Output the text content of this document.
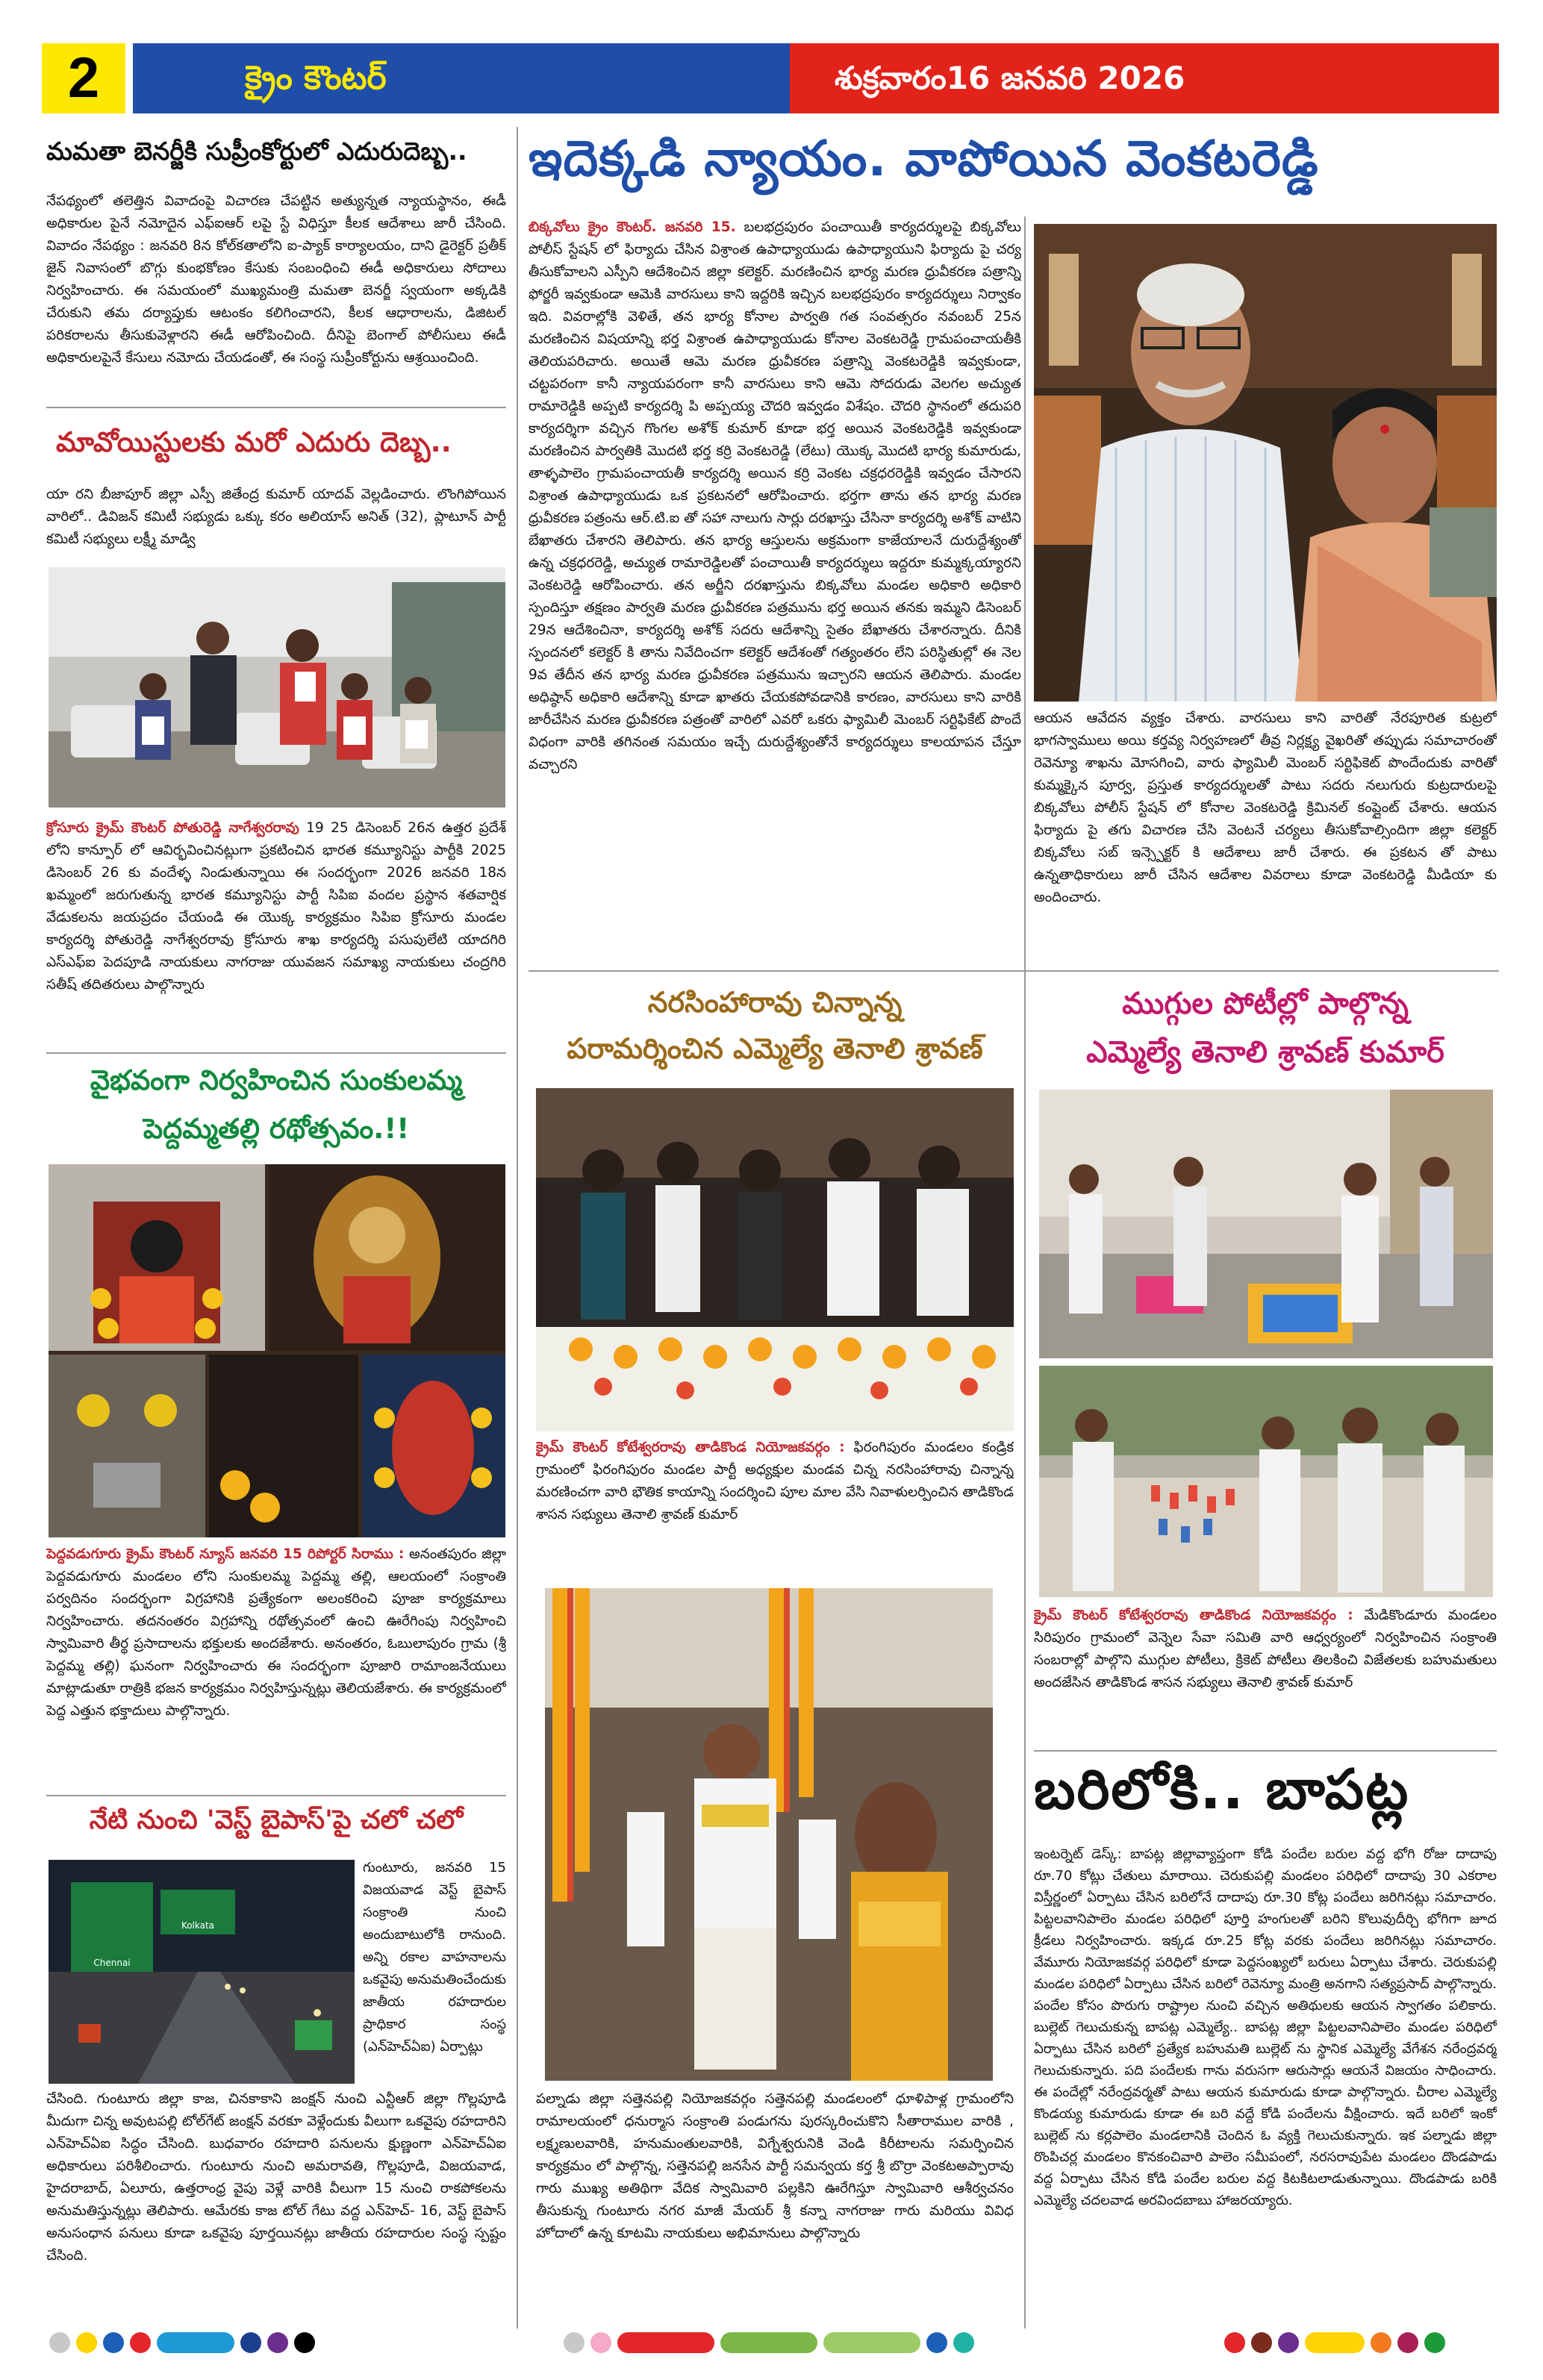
2	క్రైం కౌంటర్	శుక్రవారం16 జనవరి 2026
మమతా బెనర్జీకి సుప్రీంకోర్టులో ఎదురుదెబ్బ..
నేపథ్యంలో తలెత్తిన వివాదంపై విచారణ చేపట్టిన అత్యున్నత న్యాయస్థానం, ఈడీ అధికారుల పైనే నమోదైన ఎఫ్ఐఆర్ లపై స్టే విధిస్తూ కీలక ఆదేశాలు జారీ చేసింది. వివాదం నేపథ్యం : జనవరి 8న కోల్‌కతాలోని ఐ-ప్యాక్ కార్యాలయం, దాని డైరెక్టర్ ప్రతీక్ జైన్ నివాసంలో బొగ్గు కుంభకోణం కేసుకు సంబంధించి ఈడీ అధికారులు సోదాలు నిర్వహించారు. ఈ సమయంలో ముఖ్యమంత్రి మమతా బెనర్జీ స్వయంగా అక్కడికి చేరుకుని తమ దర్యాప్తుకు ఆటంకం కలిగించారని, కీలక ఆధారాలను, డిజిటల్ పరికరాలను తీసుకువెళ్లారని ఈడీ ఆరోపించింది. దీనిపై బెంగాల్ పోలీసులు ఈడీ అధికారులపైనే కేసులు నమోదు చేయడంతో, ఈ సంస్థ సుప్రీంకోర్టును ఆశ్రయించింది.
మావోయిస్టులకు మరో ఎదురు దెబ్బ..
యా రని బీజాపూర్ జిల్లా ఎస్పీ జితేంద్ర కుమార్ యాదవ్ వెల్లడించారు. లొంగిపోయిన వారిలో.. డివిజన్ కమిటీ సభ్యుడు ఒక్కు కరం అలియాస్ అనిత్ (32), ప్లాటూన్ పార్టీ కమిటీ సభ్యులు లక్ష్మీ మాడ్వి
క్రోసూరు క్రైమ్ కౌంటర్ పోతురెడ్డి నాగేశ్వరరావు 19 25 డిసెంబర్ 26న ఉత్తర ప్రదేశ్ లోని కాన్పూర్ లో ఆవిర్భవించినట్లుగా ప్రకటించిన భారత కమ్యూనిస్టు పార్టీకి 2025 డిసెంబర్ 26 కు వందేళ్ళ నిండుతున్నాయి ఈ సందర్భంగా 2026 జనవరి 18న ఖమ్మంలో జరుగుతున్న భారత కమ్యూనిస్టు పార్టీ సిపిఐ వందల ప్రస్థాన శతవార్షిక వేడుకలను జయప్రదం చేయండి ఈ యొక్క కార్యక్రమం సిపిఐ క్రోసూరు మండల కార్యదర్శి పోతురెడ్డి నాగేశ్వరరావు క్రోసూరు శాఖ కార్యదర్శి పసుపులేటి యాదగిరి ఎస్ఎఫ్ఐ పెదపూడి నాయకులు నాగరాజు యువజన సమాఖ్య నాయకులు చంద్రగిరి సతీష్ తదితరులు పాల్గొన్నారు
వైభవంగా నిర్వహించిన సుంకులమ్మ
పెద్దమ్మతల్లి రథోత్సవం.!!
పెద్దవడుగూరు క్రైమ్ కౌంటర్ న్యూస్ జనవరి 15 రిపోర్టర్ సిరాము : అనంతపురం జిల్లా పెద్దవడుగూరు మండలం లోని సుంకులమ్మ పెద్దమ్మ తల్లి, ఆలయంలో సంక్రాంతి పర్వదినం సందర్భంగా విగ్రహానికి ప్రత్యేకంగా అలంకరించి పూజా కార్యక్రమాలు నిర్వహించారు. తదనంతరం విగ్రహాన్ని రథోత్సవంలో ఉంచి ఊరేగింపు నిర్వహించి స్వామివారి తీర్థ ప్రసాదాలను భక్తులకు అందజేశారు. అనంతరం, ఓబులాపురం గ్రామ (శ్రీ పెద్దమ్మ తల్లి) ఘనంగా నిర్వహించారు ఈ సందర్భంగా పూజారి రామాంజనేయులు మాట్లాడుతూ రాత్రికి భజన కార్యక్రమం నిర్వహిస్తున్నట్లు తెలియజేశారు. ఈ కార్యక్రమంలో పెద్ద ఎత్తున భక్తాదులు పాల్గొన్నారు.
నేటి నుంచి 'వెస్ట్ బైపాస్'పై చలో చలో
Chennai
Kolkata
గుంటూరు, జనవరి 15 విజయవాడ వెస్ట్ బైపాస్ సంక్రాంతి నుంచి అందుబాటులోకి రానుంది. అన్ని రకాల వాహనాలను ఒకవైపు అనుమతించేందుకు జాతీయ రహదారుల ప్రాధికార సంస్థ (ఎన్‌హెచ్ఏఐ) ఏర్పాట్లు
చేసింది. గుంటూరు జిల్లా కాజ, చినకాకాని జంక్షన్ నుంచి ఎన్టీఆర్ జిల్లా గొల్లపూడి మీదుగా చిన్న అవుటపల్లి టోల్‌గేట్ జంక్షన్ వరకూ వెళ్లేందుకు వీలుగా ఒకవైపు రహదారిని ఎన్‌హెచ్ఏఐ సిద్ధం చేసింది. బుధవారం రహదారి పనులను క్షుణ్ణంగా ఎన్‌హెచ్ఏఐ అధికారులు పరిశీలించారు. గుంటూరు నుంచి అమరావతి, గొల్లపూడి, విజయవాడ, హైదరాబాద్, ఏలూరు, ఉత్తరాంధ్ర వైపు వెళ్లే వారికి వీలుగా 15 నుంచి రాకపోకలను అనుమతిస్తున్నట్లు తెలిపారు. ఆమేరకు కాజ టోల్ గేటు వద్ద ఎన్‌హెచ్- 16, వెస్ట్ బైపాస్ అనుసంధాన పనులు కూడా ఒకవైపు పూర్తయినట్లు జాతీయ రహదారుల సంస్థ స్పష్టం చేసింది.
ఇదెక్కడి న్యాయం. వాపోయిన వెంకటరెడ్డి
బిక్కవోలు క్రైం కౌంటర్. జనవరి 15. బలభద్రపురం పంచాయితీ కార్యదర్శులపై బిక్కవోలు పోలీస్ స్టేషన్ లో ఫిర్యాదు చేసిన విశ్రాంత ఉపాధ్యాయుడు ఉపాధ్యాయుని ఫిర్యాదు పై చర్య తీసుకోవాలని ఎస్పీని ఆదేశించిన జిల్లా కలెక్టర్. మరణించిన భార్య మరణ ధ్రువీకరణ పత్రాన్ని ఫోర్జరీ ఇవ్వకుండా ఆమెకి వారసులు కాని ఇద్దరికి ఇచ్చిన బలభద్రపురం కార్యదర్శులు నిర్వాకం ఇది. వివరాల్లోకి వెళితే, తన భార్య కోనాల పార్వతి గత సంవత్సరం నవంబర్ 25న మరణించిన విషయాన్ని భర్త విశ్రాంత ఉపాధ్యాయుడు కోనాల వెంకటరెడ్డి గ్రామపంచాయతీకి తెలియపరిచారు. అయితే ఆమె మరణ ధ్రువీకరణ పత్రాన్ని వెంకటరెడ్డికి ఇవ్వకుండా, చట్టపరంగా కానీ న్యాయపరంగా కానీ వారసులు కాని ఆమె సోదరుడు వెలగల అచ్యుత రామారెడ్డికి అప్పటి కార్యదర్శి పి అప్పయ్య చౌదరి ఇవ్వడం విశేషం. చౌదరి స్థానంలో తదుపరి కార్యదర్శిగా వచ్చిన గొంగల అశోక్ కుమార్ కూడా భర్త అయిన వెంకటరెడ్డికి ఇవ్వకుండా మరణించిన పార్వతికి మొదటి భర్త కర్రి వెంకటరెడ్డి (లేటు) యొక్క మొదటి భార్య కుమారుడు, తాళ్ళపాలెం గ్రామపంచాయతీ కార్యదర్శి అయిన కర్రి వెంకట చక్రధరరెడ్డికి ఇవ్వడం చేసారని విశ్రాంత ఉపాధ్యాయుడు ఒక ప్రకటనలో ఆరోపించారు. భర్తగా తాను తన భార్య మరణ ధ్రువీకరణ పత్రంను ఆర్.టి.ఐ తో సహా నాలుగు సార్లు దరఖాస్తు చేసినా కార్యదర్శి అశోక్ వాటిని బేఖాతరు చేశారని తెలిపారు. తన భార్య ఆస్తులను అక్రమంగా కాజేయాలనే దురుద్దేశ్యంతో ఉన్న చక్రధరరెడ్డి, అచ్యుత రామారెడ్డిలతో పంచాయితీ కార్యదర్శులు ఇద్దరూ కుమ్మక్కయ్యారని వెంకటరెడ్డి ఆరోపించారు. తన అర్జీని దరఖాస్తును బిక్కవోలు మండల అధికారి అధికారి స్పందిస్తూ తక్షణం పార్వతి మరణ ధ్రువీకరణ పత్రమును భర్త అయిన తనకు ఇమ్మని డిసెంబర్ 29న ఆదేశించినా, కార్యదర్శి అశోక్ సదరు ఆదేశాన్ని సైతం బేఖాతరు చేశారన్నారు. దీనికి స్పందనలో కలెక్టర్ కి తాను నివేదించగా కలెక్టర్ ఆదేశంతో గత్యంతరం లేని పరిస్థితుల్లో ఈ నెల 9వ తేదీన తన భార్య మరణ ధ్రువీకరణ పత్రమును ఇచ్చారని ఆయన తెలిపారు. మండల అధిష్ఠాన్ అధికారి ఆదేశాన్ని కూడా ఖాతరు చేయకపోవడానికి కారణం, వారసులు కాని వారికి జారీచేసిన మరణ ధ్రువీకరణ పత్రంతో వారిలో ఎవరో ఒకరు ఫ్యామిలీ మెంబర్ సర్టిఫికేట్ పొందే విధంగా వారికి తగినంత సమయం ఇచ్చే దురుద్దేశ్యంతోనే కార్యదర్శులు కాలయాపన చేస్తూ వచ్చారని
ఆయన ఆవేదన వ్యక్తం చేశారు. వారసులు కాని వారితో నేరపూరిత కుట్రలో భాగస్వాములు అయి కర్తవ్య నిర్వహణలో తీవ్ర నిర్లక్ష్య వైఖరితో తప్పుడు సమాచారంతో రెవెన్యూ శాఖను మోసగించి, వారు ఫ్యామిలీ మెంబర్ సర్టిఫికెట్ పొందేందుకు వారితో కుమ్మక్కైన పూర్వ, ప్రస్తుత కార్యదర్శులతో పాటు సదరు నలుగురు కుట్రదారులపై బిక్కవోలు పోలీస్ స్టేషన్ లో కోనాల వెంకటరెడ్డి క్రిమినల్ కంప్లైంట్ చేశారు. ఆయన ఫిర్యాదు పై తగు విచారణ చేసి వెంటనే చర్యలు తీసుకోవాల్సిందిగా జిల్లా కలెక్టర్ బిక్కవోలు సబ్ ఇన్స్పెక్టర్ కి ఆదేశాలు జారీ చేశారు. ఈ ప్రకటన తో పాటు ఉన్నతాధికారులు జారీ చేసిన ఆదేశాల వివరాలు కూడా వెంకటరెడ్డి మీడియా కు అందించారు.
నరసింహారావు చిన్నాన్న
పరామర్శించిన ఎమ్మెల్యే తెనాలి శ్రావణ్
క్రైమ్ కౌంటర్ కోటేశ్వరరావు తాడికొండ నియోజకవర్గం : ఫిరంగిపురం మండలం కండ్రిక గ్రామంలో ఫిరంగిపురం మండల పార్టీ అధ్యక్షుల మండవ చిన్న నరసింహారావు చిన్నాన్న మరణించగా వారి భౌతిక కాయాన్ని సందర్శించి పూల మాల వేసి నివాళులర్పించిన తాడికొండ శాసన సభ్యులు తెనాలి శ్రావణ్ కుమార్
పల్నాడు జిల్లా సత్తెనపల్లి నియోజకవర్గం సత్తెనపల్లి మండలంలో ధూళిపాళ్ల గ్రామంలోని రామాలయంలో ధనుర్మాస సంక్రాంతి పండుగను పురస్కరించుకొని సీతారాముల వారికి , లక్ష్మణులవారికి, హనుమంతులవారికి, విగ్నేశ్వరునికి వెండి కిరీటాలను సమర్పించిన కార్యక్రమం లో పాల్గొన్న, సత్తెనపల్లి జనసేన పార్టీ సమన్వయ కర్త శ్రీ బొర్రా వెంకటఅప్పారావు గారు ముఖ్య అతిథిగా వేదిక స్వామివారి పల్లకిని ఊరేగిస్తూ స్వామివారి ఆశీర్వచనం తీసుకున్న గుంటూరు నగర మాజీ మేయర్ శ్రీ కన్నా నాగరాజు గారు మరియు వివిధ హోదాలో ఉన్న కూటమి నాయకులు అభిమానులు పాల్గొన్నారు
ముగ్గుల పోటీల్లో పాల్గొన్న
ఎమ్మెల్యే తెనాలి శ్రావణ్ కుమార్
క్రైమ్ కౌంటర్ కోటేశ్వరరావు తాడికొండ నియోజకవర్గం : మేడికొండూరు మండలం సిరిపురం గ్రామంలో వెన్నెల సేవా సమితి వారి ఆధ్వర్యంలో నిర్వహించిన సంక్రాంతి సంబరాల్లో పాల్గొని ముగ్గుల పోటీలు, క్రికెట్ పోటీలు తిలకించి విజేతలకు బహుమతులు అందజేసిన తాడికొండ శాసన సభ్యులు తెనాలి శ్రావణ్ కుమార్
బరిలోకి.. బాపట్ల
ఇంటర్నెట్ డెస్క్: బాపట్ల జిల్లావ్యాప్తంగా కోడి పందేల బరుల వద్ద భోగి రోజు దాదాపు రూ.70 కోట్లు చేతులు మారాయి. చెరుకుపల్లి మండలం పరిధిలో దాదాపు 30 ఎకరాల విస్తీర్ణంలో ఏర్పాటు చేసిన బరిలోనే దాదాపు రూ.30 కోట్ల పందేలు జరిగినట్లు సమాచారం. పిట్టలవానిపాలెం మండల పరిధిలో పూర్తి హంగులతో బరిని కొలువుదీర్చి భోగిగా జూద క్రీడలు నిర్వహించారు. ఇక్కడ రూ.25 కోట్ల వరకు పందేలు జరిగినట్లు సమాచారం. వేమూరు నియోజకవర్గ పరిధిలో కూడా పెద్దసంఖ్యలో బరులు ఏర్పాటు చేశారు. చెరుకుపల్లి మండల పరిధిలో ఏర్పాటు చేసిన బరిలో రెవెన్యూ మంత్రి అనగాని సత్యప్రసాద్ పాల్గొన్నారు. పందేల కోసం పొరుగు రాష్ట్రాల నుంచి వచ్చిన అతిథులకు ఆయన స్వాగతం పలికారు. బుల్లెట్ గెలుచుకున్న బాపట్ల ఎమ్మెల్యే.. బాపట్ల జిల్లా పిట్టలవానిపాలెం మండల పరిధిలో ఏర్పాటు చేసిన బరిలో ప్రత్యేక బహుమతి బుల్లెట్ ను స్థానిక ఎమ్మెల్యే వేగేశన నరేంద్రవర్మ గెలుచుకున్నారు. పది పందేలకు గాను వరుసగా ఆరుసార్లు ఆయనే విజయం సాధించారు. ఈ పందేల్లో నరేంద్రవర్మతో పాటు ఆయన కుమారుడు కూడా పాల్గొన్నారు. చీరాల ఎమ్మెల్యే కొండయ్య కుమారుడు కూడా ఈ బరి వద్దే కోడి పందేలను వీక్షించారు. ఇదే బరిలో ఇంకో బుల్లెట్ ను కర్లపాలెం మండలానికి చెందిన ఓ వ్యక్తి గెలుచుకున్నారు. ఇక పల్నాడు జిల్లా రొంపిచర్ల మండలం కొనకంచివారి పాలెం సమీపంలో, నరసరావుపేట మండలం దొండపాడు వద్ద ఏర్పాటు చేసిన కోడి పందేల బరుల వద్ద కిటకిటలాడుతున్నాయి. దొండపాడు బరికి ఎమ్మెల్యే చదలవాడ అరవిందబాబు హాజరయ్యారు.
